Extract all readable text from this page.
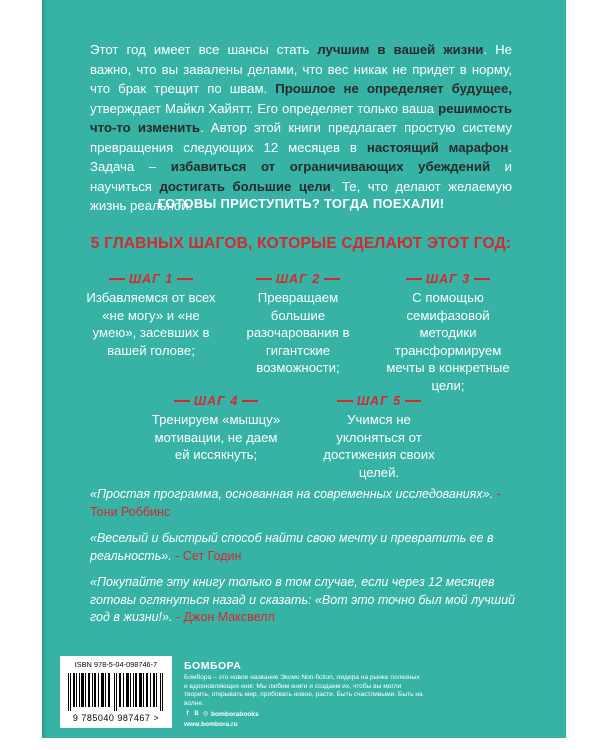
Этот год имеет все шансы стать лучшим в вашей жизни. Не важно, что вы завалены делами, что вес никак не придет в норму, что брак трещит по швам. Прошлое не определяет будущее, утверждает Майкл Хайятт. Его определяет только ваша решимость что-то изменить. Автор этой книги предлагает простую систему превращения следующих 12 месяцев в настоящий марафон. Задача – избавиться от ограничивающих убеждений и научиться достигать большие цели. Те, что делают желаемую жизнь реальной.

ГОТОВЫ ПРИСТУПИТЬ? ТОГДА ПОЕХАЛИ!

5 ГЛАВНЫХ ШАГОВ, КОТОРЫЕ СДЕЛАЮТ ЭТОТ ГОД:

ШАГ 1
Избавляемся от всех «не могу» и «не умею», засевших в вашей голове;
ШАГ 2
Превращаем большие разочарования в гигантские возможности;
ШАГ 3
С помощью семифазовой методики трансформируем мечты в конкретные цели;
ШАГ 4
Тренируем «мышцу» мотивации, не даем ей иссякнуть;
ШАГ 5
Учимся не уклоняться от достижения своих целей.

«Простая программа, основанная на современных исследованиях». - Тони Роббинс

«Веселый и быстрый способ найти свою мечту и превратить ее в реальность». - Сет Годин

«Покупайте эту книгу только в том случае, если через 12 месяцев готовы оглянуться назад и сказать: «Вот это точно был мой лучший год в жизни!». - Джон Максвелл

ISBN 978-5-04-098746-7
9 785040 987467 >

БОМБОРА

Бомбора – это новое название Эксмо Non-fiction, лидера на рынке полезных и вдохновляющих книг. Мы любим книги и создаем их, чтобы вы могли творить, открывать мир, пробовать новое, расти. Быть счастливыми. Быть на волне.

f B ◎ bomborabooks

www.bombora.ru
